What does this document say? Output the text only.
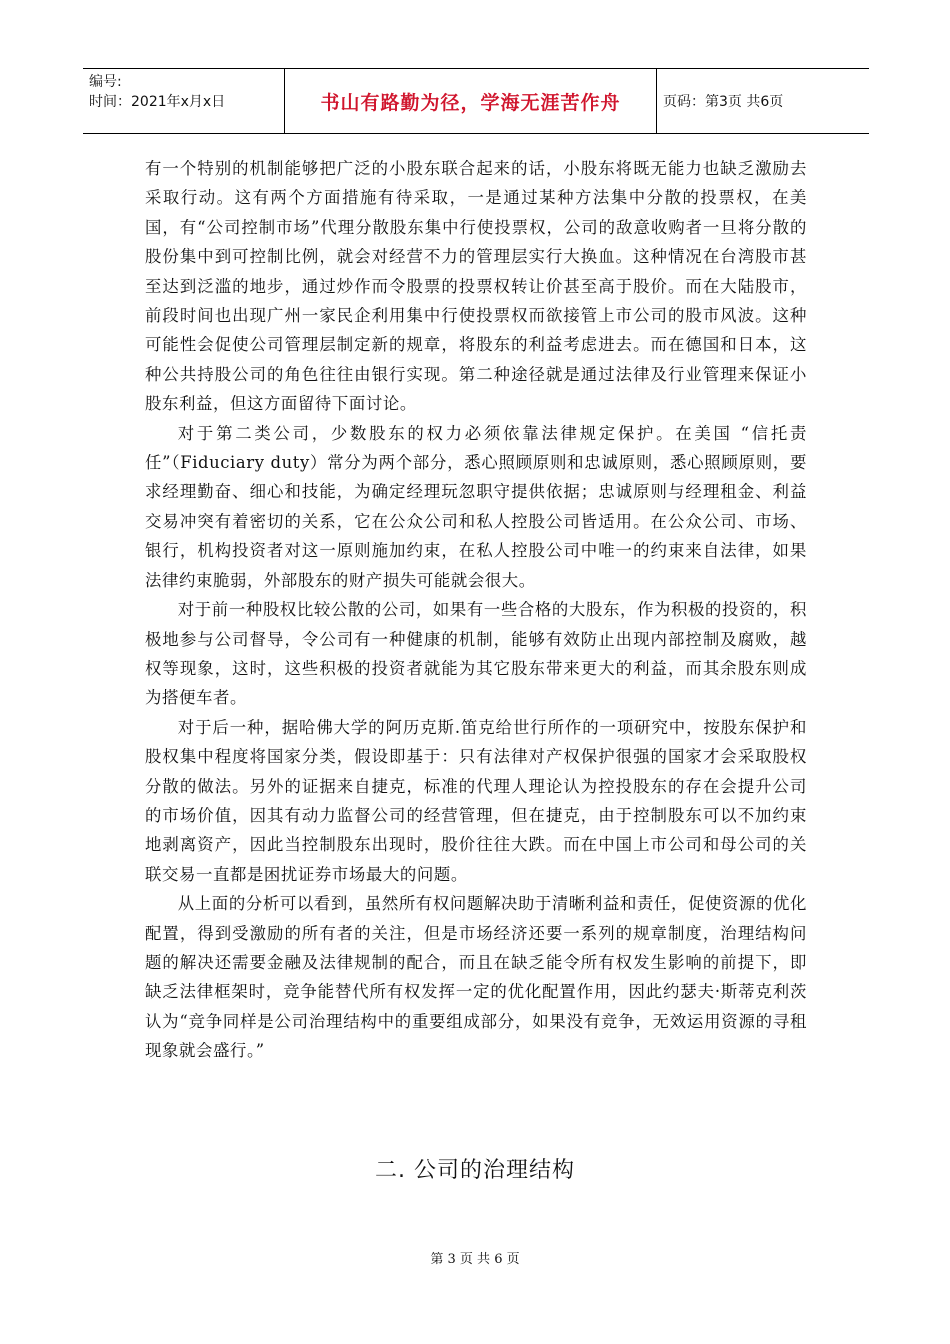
编号:
时间：2021年x月x日	书山有路勤为径，学海无涯苦作舟	页码：第3页 共6页

有一个特别的机制能够把广泛的小股东联合起来的话，小股东将既无能力也缺乏激励去采取行动。这有两个方面措施有待采取，一是通过某种方法集中分散的投票权，在美国，有“公司控制市场”代理分散股东集中行使投票权，公司的敌意收购者一旦将分散的股份集中到可控制比例，就会对经营不力的管理层实行大换血。这种情况在台湾股市甚至达到泛滥的地步，通过炒作而令股票的投票权转让价甚至高于股价。而在大陆股市，前段时间也出现广州一家民企利用集中行使投票权而欲接管上市公司的股市风波。这种可能性会促使公司管理层制定新的规章，将股东的利益考虑进去。而在德国和日本，这种公共持股公司的角色往往由银行实现。第二种途径就是通过法律及行业管理来保证小股东利益，但这方面留待下面讨论。

对于第二类公司，少数股东的权力必须依靠法律规定保护。在美国 “信托责任”（Fiduciary duty）常分为两个部分，悉心照顾原则和忠诚原则，悉心照顾原则，要求经理勤奋、细心和技能，为确定经理玩忽职守提供依据；忠诚原则与经理租金、利益交易冲突有着密切的关系，它在公众公司和私人控股公司皆适用。在公众公司、市场、银行，机构投资者对这一原则施加约束，在私人控股公司中唯一的约束来自法律，如果法律约束脆弱，外部股东的财产损失可能就会很大。

对于前一种股权比较公散的公司，如果有一些合格的大股东，作为积极的投资的，积极地参与公司督导，令公司有一种健康的机制，能够有效防止出现内部控制及腐败，越权等现象，这时，这些积极的投资者就能为其它股东带来更大的利益，而其余股东则成为搭便车者。

对于后一种，据哈佛大学的阿历克斯.笛克给世行所作的一项研究中，按股东保护和股权集中程度将国家分类，假设即基于：只有法律对产权保护很强的国家才会采取股权分散的做法。另外的证据来自捷克，标准的代理人理论认为控投股东的存在会提升公司的市场价值，因其有动力监督公司的经营管理，但在捷克，由于控制股东可以不加约束地剥离资产，因此当控制股东出现时，股价往往大跌。而在中国上市公司和母公司的关联交易一直都是困扰证券市场最大的问题。

从上面的分析可以看到，虽然所有权问题解决助于清晰利益和责任，促使资源的优化配置，得到受激励的所有者的关注，但是市场经济还要一系列的规章制度，治理结构问题的解决还需要金融及法律规制的配合，而且在缺乏能令所有权发生影响的前提下，即缺乏法律框架时，竞争能替代所有权发挥一定的优化配置作用，因此约瑟夫·斯蒂克利茨认为“竞争同样是公司治理结构中的重要组成部分，如果没有竞争，无效运用资源的寻租现象就会盛行。”

二. 公司的治理结构
第 3 页 共 6 页
